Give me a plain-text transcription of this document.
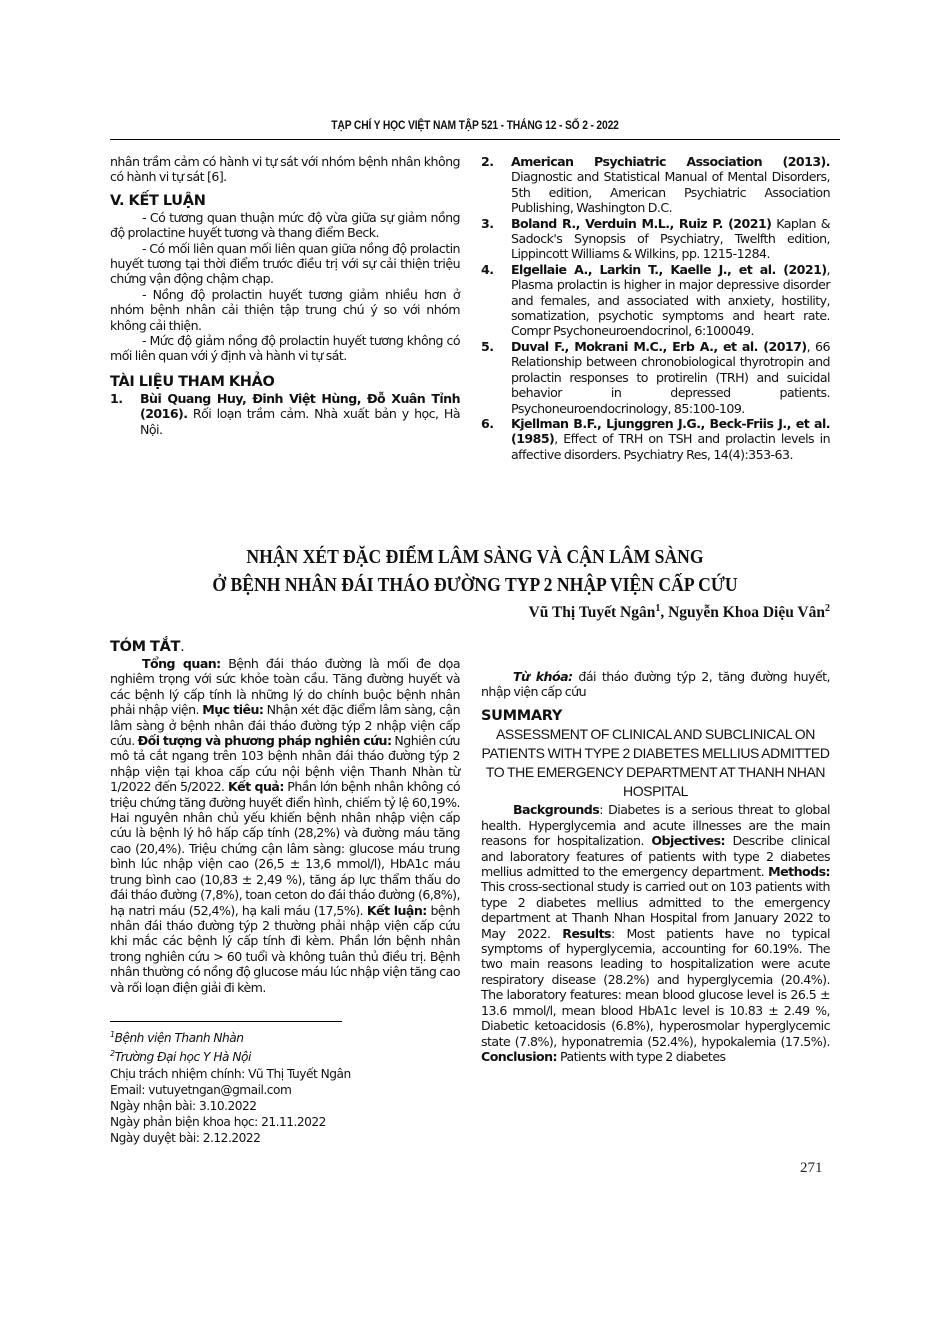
TẠP CHÍ Y HỌC VIỆT NAM TẬP 521 - THÁNG 12 - SỐ 2 - 2022

nhân trầm cảm có hành vi tự sát với nhóm bệnh nhân không có hành vi tự sát [6].

V. KẾT LUẬN

- Có tương quan thuận mức độ vừa giữa sự giảm nồng độ prolactine huyết tương và thang điểm Beck.

- Có mối liên quan mối liên quan giữa nồng độ prolactin huyết tương tại thời điểm trước điều trị với sự cải thiện triệu chứng vận động chậm chạp.

- Nồng độ prolactin huyết tương giảm nhiều hơn ở nhóm bệnh nhân cải thiện tập trung chú ý so với nhóm không cải thiện.

- Mức độ giảm nồng độ prolactin huyết tương không có mối liên quan với ý định và hành vi tự sát.

TÀI LIỆU THAM KHẢO

1. Bùi Quang Huy, Đinh Việt Hùng, Đỗ Xuân Tỉnh (2016). Rối loạn trầm cảm. Nhà xuất bản y học, Hà Nội.

2. American Psychiatric Association (2013). Diagnostic and Statistical Manual of Mental Disorders, 5th edition, American Psychiatric Association Publishing, Washington D.C.

3. Boland R., Verduin M.L., Ruiz P. (2021) Kaplan & Sadock's Synopsis of Psychiatry, Twelfth edition, Lippincott Williams & Wilkins, pp. 1215-1284.

4. Elgellaie A., Larkin T., Kaelle J., et al. (2021), Plasma prolactin is higher in major depressive disorder and females, and associated with anxiety, hostility, somatization, psychotic symptoms and heart rate. Compr Psychoneuroendocrinol, 6:100049.

5. Duval F., Mokrani M.C., Erb A., et al. (2017), 66 Relationship between chronobiological thyrotropin and prolactin responses to protirelin (TRH) and suicidal behavior in depressed patients. Psychoneuroendocrinology, 85:100-109.

6. Kjellman B.F., Ljunggren J.G., Beck-Friis J., et al. (1985), Effect of TRH on TSH and prolactin levels in affective disorders. Psychiatry Res, 14(4):353-63.

NHẬN XÉT ĐẶC ĐIỂM LÂM SÀNG VÀ CẬN LÂM SÀNG
Ở BỆNH NHÂN ĐÁI THÁO ĐƯỜNG TYP 2 NHẬP VIỆN CẤP CỨU
Vũ Thị Tuyết Ngân$^1$, Nguyễn Khoa Diệu Vân$^2$
TÓM TẮT.

Tổng quan: Bệnh đái tháo đường là mối đe dọa nghiêm trọng với sức khỏe toàn cầu. Tăng đường huyết và các bệnh lý cấp tính là những lý do chính buộc bệnh nhân phải nhập viện. Mục tiêu: Nhận xét đặc điểm lâm sàng, cận lâm sàng ở bệnh nhân đái tháo đường týp 2 nhập viện cấp cứu. Đối tượng và phương pháp nghiên cứu: Nghiên cứu mô tả cắt ngang trên 103 bệnh nhân đái tháo đường týp 2 nhập viện tại khoa cấp cứu nội bệnh viện Thanh Nhàn từ 1/2022 đến 5/2022. Kết quả: Phần lớn bệnh nhân không có triệu chứng tăng đường huyết điển hình, chiếm tỷ lệ 60,19%. Hai nguyên nhân chủ yếu khiến bệnh nhân nhập viện cấp cứu là bệnh lý hô hấp cấp tính (28,2%) và đường máu tăng cao (20,4%). Triệu chứng cận lâm sàng: glucose máu trung bình lúc nhập viện cao (26,5 ± 13,6 mmol/l), HbA1c máu trung bình cao (10,83 ± 2,49 %), tăng áp lực thẩm thấu do đái tháo đường (7,8%), toan ceton do đái tháo đường (6,8%), hạ natri máu (52,4%), hạ kali máu (17,5%). Kết luận: bệnh nhân đái tháo đường týp 2 thường phải nhập viện cấp cứu khi mắc các bệnh lý cấp tính đi kèm. Phần lớn bệnh nhân trong nghiên cứu > 60 tuổi và không tuân thủ điều trị. Bệnh nhân thường có nồng độ glucose máu lúc nhập viện tăng cao và rối loạn điện giải đi kèm.

$^1$Bệnh viện Thanh Nhàn
$^2$Trường Đại học Y Hà Nội
Chịu trách nhiệm chính: Vũ Thị Tuyết Ngân
Email: vutuyetngan@gmail.com
Ngày nhận bài: 3.10.2022
Ngày phản biện khoa học: 21.11.2022
Ngày duyệt bài: 2.12.2022

Từ khóa: đái tháo đường týp 2, tăng đường huyết, nhập viện cấp cứu

SUMMARY

ASSESSMENT OF CLINICAL AND SUBCLINICAL ON PATIENTS WITH TYPE 2 DIABETES MELLIUS ADMITTED TO THE EMERGENCY DEPARTMENT AT THANH NHAN HOSPITAL

Backgrounds: Diabetes is a serious threat to global health. Hyperglycemia and acute illnesses are the main reasons for hospitalization. Objectives: Describe clinical and laboratory features of patients with type 2 diabetes mellius admitted to the emergency department. Methods: This cross-sectional study is carried out on 103 patients with type 2 diabetes mellius admitted to the emergency department at Thanh Nhan Hospital from January 2022 to May 2022. Results: Most patients have no typical symptoms of hyperglycemia, accounting for 60.19%. The two main reasons leading to hospitalization were acute respiratory disease (28.2%) and hyperglycemia (20.4%). The laboratory features: mean blood glucose level is 26.5 ± 13.6 mmol/l, mean blood HbA1c level is 10.83 ± 2.49 %, Diabetic ketoacidosis (6.8%), hyperosmolar hyperglycemic state (7.8%), hyponatremia (52.4%), hypokalemia (17.5%). Conclusion: Patients with type 2 diabetes

271
